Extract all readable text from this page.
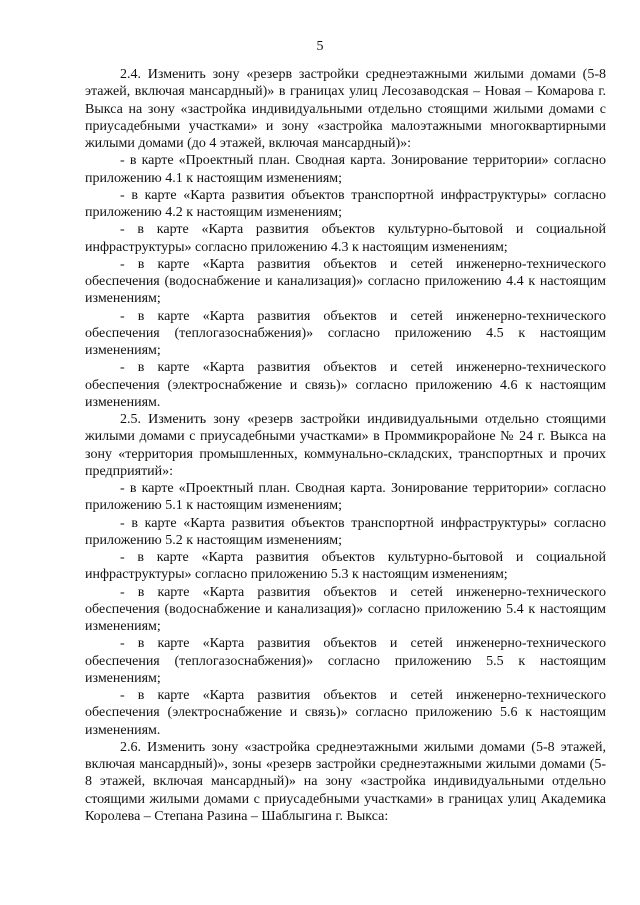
5

2.4. Изменить зону «резерв застройки среднеэтажными жилыми домами (5-8 этажей, включая мансардный)» в границах улиц Лесозаводская – Новая – Комарова г. Выкса на зону «застройка индивидуальными отдельно стоящими жилыми домами с приусадебными участками» и зону «застройка малоэтажными многоквартирными жилыми домами (до 4 этажей, включая мансардный)»:

- в карте «Проектный план. Сводная карта. Зонирование территории» согласно приложению 4.1 к настоящим изменениям;

- в карте «Карта развития объектов транспортной инфраструктуры» согласно приложению 4.2 к настоящим изменениям;

- в карте «Карта развития объектов культурно-бытовой и социальной инфраструктуры» согласно приложению 4.3 к настоящим изменениям;

- в карте «Карта развития объектов и сетей инженерно-технического обеспечения (водоснабжение и канализация)» согласно приложению 4.4 к настоящим изменениям;

- в карте «Карта развития объектов и сетей инженерно-технического обеспечения (теплогазоснабжения)» согласно приложению 4.5 к настоящим изменениям;

- в карте «Карта развития объектов и сетей инженерно-технического обеспечения (электроснабжение и связь)» согласно приложению 4.6 к настоящим изменениям.

2.5. Изменить зону «резерв застройки индивидуальными отдельно стоящими жилыми домами с приусадебными участками» в Проммикрорайоне № 24 г. Выкса на зону «территория промышленных, коммунально-складских, транспортных и прочих предприятий»:

- в карте «Проектный план. Сводная карта. Зонирование территории» согласно приложению 5.1 к настоящим изменениям;

- в карте «Карта развития объектов транспортной инфраструктуры» согласно приложению 5.2 к настоящим изменениям;

- в карте «Карта развития объектов культурно-бытовой и социальной инфраструктуры» согласно приложению 5.3 к настоящим изменениям;

- в карте «Карта развития объектов и сетей инженерно-технического обеспечения (водоснабжение и канализация)» согласно приложению 5.4 к настоящим изменениям;

- в карте «Карта развития объектов и сетей инженерно-технического обеспечения (теплогазоснабжения)» согласно приложению 5.5 к настоящим изменениям;

- в карте «Карта развития объектов и сетей инженерно-технического обеспечения (электроснабжение и связь)» согласно приложению 5.6 к настоящим изменениям.

2.6. Изменить зону «застройка среднеэтажными жилыми домами (5-8 этажей, включая мансардный)», зоны «резерв застройки среднеэтажными жилыми домами (5-8 этажей, включая мансардный)» на зону «застройка индивидуальными отдельно стоящими жилыми домами с приусадебными участками» в границах улиц Академика Королева – Степана Разина – Шаблыгина г. Выкса:
